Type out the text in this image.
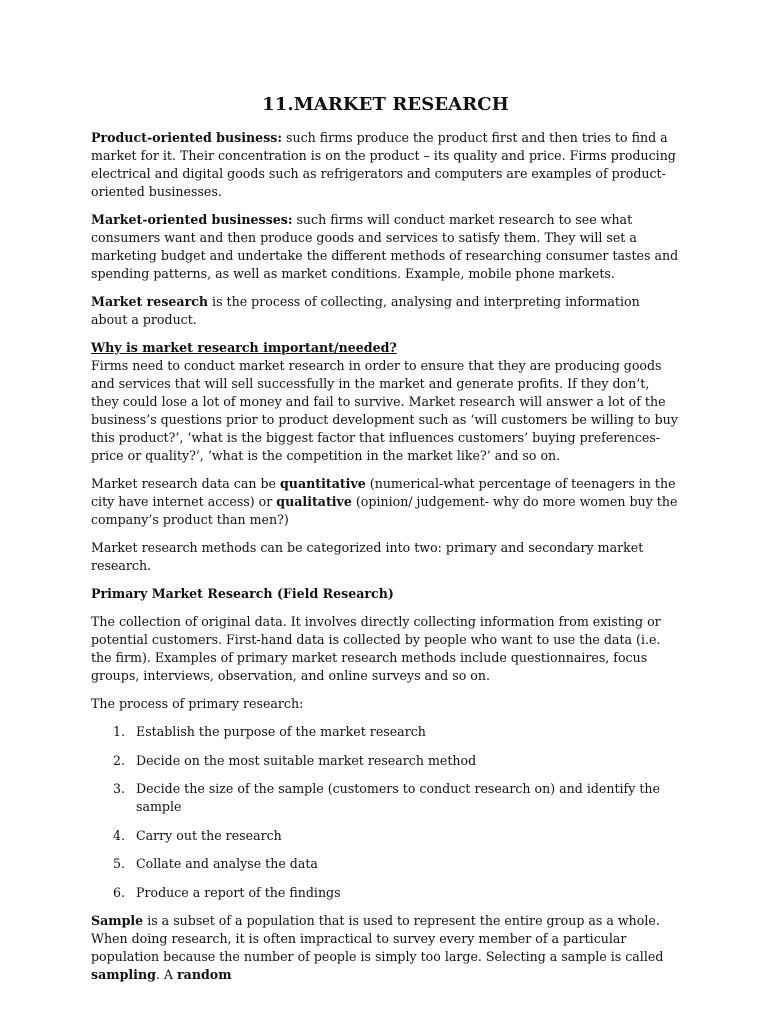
11.MARKET RESEARCH

Product-oriented business: such firms produce the product first and then tries to find a market for it. Their concentration is on the product – its quality and price. Firms producing electrical and digital goods such as refrigerators and computers are examples of product-oriented businesses.

Market-oriented businesses: such firms will conduct market research to see what consumers want and then produce goods and services to satisfy them. They will set a marketing budget and undertake the different methods of researching consumer tastes and spending patterns, as well as market conditions. Example, mobile phone markets.

Market research is the process of collecting, analysing and interpreting information about a product.

Why is market research important/needed?

Firms need to conduct market research in order to ensure that they are producing goods and services that will sell successfully in the market and generate profits. If they don’t, they could lose a lot of money and fail to survive. Market research will answer a lot of the business’s questions prior to product development such as ‘will customers be willing to buy this product?’, ‘what is the biggest factor that influences customers’ buying preferences- price or quality?’, ‘what is the competition in the market like?’ and so on.

Market research data can be quantitative (numerical-what percentage of teenagers in the city have internet access) or qualitative (opinion/ judgement- why do more women buy the company’s product than men?)

Market research methods can be categorized into two: primary and secondary market research.

Primary Market Research (Field Research)

The collection of original data. It involves directly collecting information from existing or potential customers. First-hand data is collected by people who want to use the data (i.e. the firm). Examples of primary market research methods include questionnaires, focus groups, interviews, observation, and online surveys and so on.

The process of primary research:

1. Establish the purpose of the market research
2. Decide on the most suitable market research method
3. Decide the size of the sample (customers to conduct research on) and identify the sample
4. Carry out the research
5. Collate and analyse the data
6. Produce a report of the findings

Sample is a subset of a population that is used to represent the entire group as a whole. When doing research, it is often impractical to survey every member of a particular population because the number of people is simply too large. Selecting a sample is called sampling. A random
